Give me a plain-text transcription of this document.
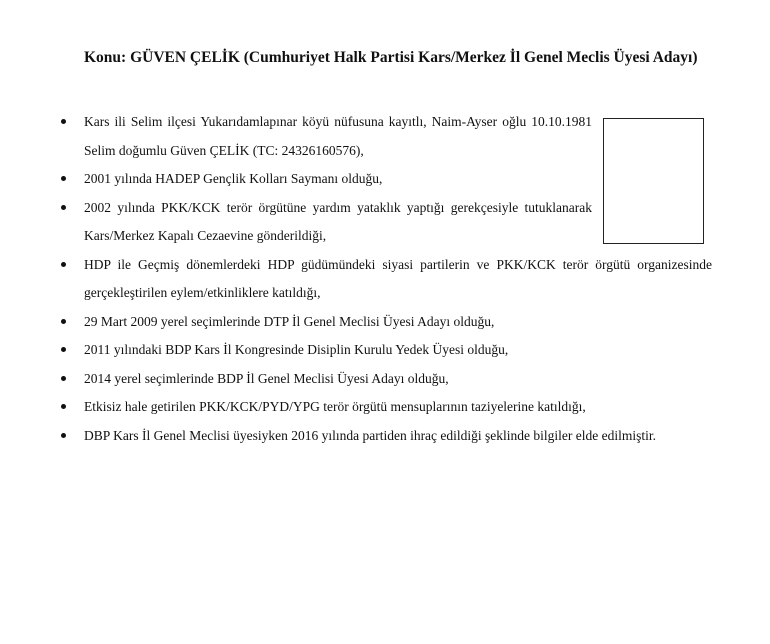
Konu: GÜVEN ÇELİK (Cumhuriyet Halk Partisi Kars/Merkez İl Genel Meclis Üyesi Adayı)
Kars ili Selim ilçesi Yukarıdamlapınar köyü nüfusuna kayıtlı, Naim-Ayser oğlu 10.10.1981 Selim doğumlu Güven ÇELİK (TC: 24326160576),
2001 yılında HADEP Gençlik Kolları Saymanı olduğu,
2002 yılında PKK/KCK terör örgütüne yardım yataklık yaptığı gerekçesiyle tutuklanarak Kars/Merkez Kapalı Cezaevine gönderildiği,
HDP ile Geçmiş dönemlerdeki HDP güdümündeki siyasi partilerin ve PKK/KCK terör örgütü organizesinde gerçekleştirilen eylem/etkinliklere katıldığı,
29 Mart 2009 yerel seçimlerinde DTP İl Genel Meclisi Üyesi Adayı olduğu,
2011 yılındaki BDP Kars İl Kongresinde Disiplin Kurulu Yedek Üyesi olduğu,
2014 yerel seçimlerinde BDP İl Genel Meclisi Üyesi Adayı olduğu,
Etkisiz hale getirilen PKK/KCK/PYD/YPG terör örgütü mensuplarının taziyelerine katıldığı,
DBP Kars İl Genel Meclisi üyesiyken 2016 yılında partiden ihraç edildiği şeklinde bilgiler elde edilmiştir.
